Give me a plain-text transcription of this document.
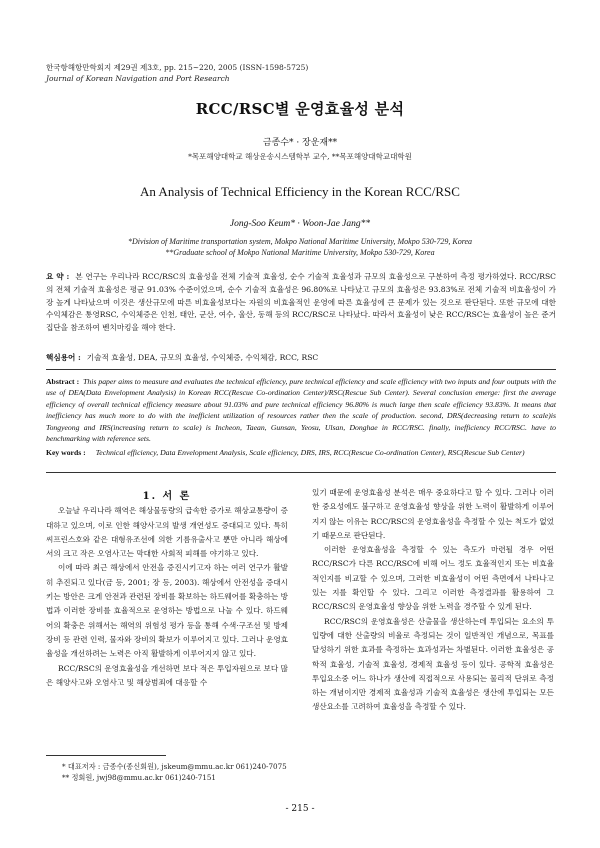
한국항해항만학회지 제29권 제3호, pp. 215~220, 2005 (ISSN-1598-5725)
Journal of Korean Navigation and Port Research
RCC/RSC별 운영효율성 분석
금종수* · 장운재**
*목포해양대학교 해상운송시스템학부 교수, **목포해양대학교대학원
An Analysis of Technical Efficiency in the Korean RCC/RSC
Jong-Soo Keum* · Woon-Jae Jang**
*Division of Maritime transportation system, Mokpo National Maritime University, Mokpo 530-729, Korea
**Graduate school of Mokpo National Maritime University, Mokpo 530-729, Korea
요 약 : 본 연구는 우리나라 RCC/RSC의 효율성을 전체 기술적 효율성, 순수 기술적 효율성과 규모의 효율성으로 구분하여 측정 평가하였다. RCC/RSC의 전체 기술적 효율성은 평균 91.03% 수준이었으며, 순수 기술적 효율성은 96.80%로 나타났고 규모의 효율성은 93.83%로 전체 기술적 비효율성이 가장 높게 나타났으며 이것은 생산규모에 따른 비효율성보다는 자원의 비효율적인 운영에 따른 효율성에 큰 문제가 있는 것으로 판단된다. 또한 규모에 대한 수익체감은 통영RSC, 수익체증은 인천, 태안, 군산, 여수, 울산, 동해 등의 RCC/RSC로 나타났다. 따라서 효율성이 낮은 RCC/RSC는 효율성이 높은 준거집단을 참조하여 벤치마킹을 해야 한다.
핵심용어 : 기술적 효율성, DEA, 규모의 효율성, 수익체증, 수익체감, RCC, RSC
Abstract : This paper aims to measure and evaluates the technical efficiency, pure technical efficiency and scale efficiency with two inputs and four outputs with the use of DEA(Data Envelopment Analysis) in Korean RCC(Rescue Co-ordination Center)/RSC(Rescue Sub Center). Several conclusion emerge: first the average efficiency of overall technical efficiency measure about 91.03% and pure technical efficiency 96.80% is much large then scale efficiency 93.83%. It means that inefficiency has much more to do with the inefficient utilization of resources rather then the scale of production. second, DRS(decreasing return to scale)is Tongyeong and IRS(increasing return to scale) is Incheon, Taean, Gunsan, Yeosu, Ulsan, Donghae in RCC/RSC. finally, inefficiency RCC/RSC. have to benchmarking with reference sets.
Key words : Technical efficiency, Data Envelopment Analysis, Scale efficiency, DRS, IRS, RCC(Rescue Co-ordination Center), RSC(Rescue Sub Center)

1. 서 론

오늘날 우리나라 해역은 해상물동량의 급속한 증가로 해상교통량이 증대하고 있으며, 이로 인한 해양사고의 발생 개연성도 증대되고 있다. 특히 씨프린스호와 같은 대형유조선에 의한 기름유출사고 뿐만 아니라 해상에서의 크고 작은 오염사고는 막대한 사회적 피해를 야기하고 있다.

이에 따라 최근 해상에서 안전을 증진시키고자 하는 여러 연구가 활발히 추진되고 있다(금 등, 2001; 장 등, 2003). 해상에서 안전성을 증대시키는 방안은 크게 안전과 관련된 장비를 확보하는 하드웨어를 확충하는 방법과 이러한 장비를 효율적으로 운영하는 방법으로 나눌 수 있다. 하드웨어의 확충은 위해서는 해역의 위험성 평가 등을 통해 수색·구조선 및 방제장비 등 관련 인력, 물자와 장비의 확보가 이루어지고 있다. 그러나 운영효율성을 개선하려는 노력은 아직 활발하게 이루어지지 않고 있다.

RCC/RSC의 운영효율성을 개선하면 보다 적은 투입자원으로 보다 많은 해양사고와 오염사고 및 해상범죄에 대응할 수

있기 때문에 운영효율성 분석은 매우 중요하다고 할 수 있다. 그러나 이러한 중요성에도 불구하고 운영효율성 향상을 위한 노력이 활발하게 이루어지지 않는 이유는 RCC/RSC의 운영효율성을 측정할 수 있는 척도가 없었기 때문으로 판단된다.

이러한 운영효율성을 측정할 수 있는 측도가 마련될 경우 어떤 RCC/RSC가 다른 RCC/RSC에 비해 어느 정도 효율적인지 또는 비효율적인지를 비교할 수 있으며, 그러한 비효율성이 어떤 측면에서 나타나고 있는 지를 확인할 수 있다. 그리고 이러한 측정결과를 활용하여 그 RCC/RSC의 운영효율성 향상을 위한 노력을 경주할 수 있게 된다.

RCC/RSC의 운영효율성은 산출물을 생산하는데 투입되는 요소의 투입량에 대한 산출량의 비율로 측정되는 것이 일반적인 개념으로, 목표를 달성하기 위한 효과를 측정하는 효과성과는 차별된다. 이러한 효율성은 공학적 효율성, 기술적 효율성, 경제적 효율성 등이 있다. 공학적 효율성은 투입요소중 어느 하나가 생산에 직접적으로 사용되는 물리적 단위로 측정하는 개념이지만 경제적 효율성과 기술적 효율성은 생산에 투입되는 모든 생산요소를 고려하여 효율성을 측정할 수 있다.

* 대표저자 : 금종수(종신회원), jskeum@mmu.ac.kr 061)240-7075
** 정회원, jwj98@mmu.ac.kr 061)240-7151
- 215 -
